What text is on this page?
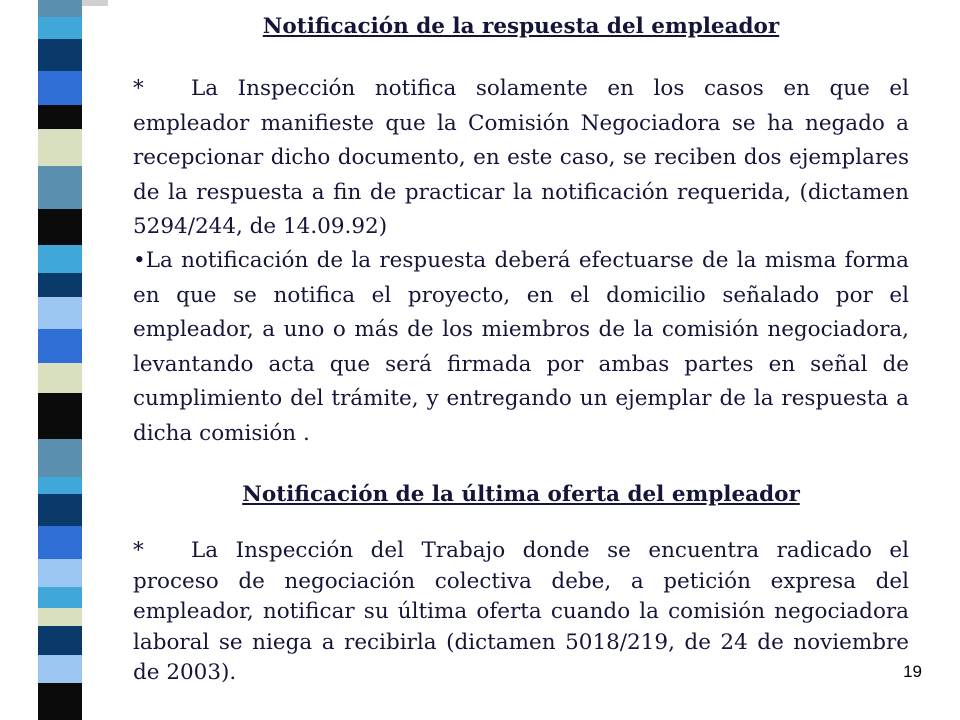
Notificación de la respuesta del empleador
* La Inspección notifica solamente en los casos en que el empleador manifieste que la Comisión Negociadora se ha negado a recepcionar dicho documento, en este caso, se reciben dos ejemplares de la respuesta a fin de practicar la notificación requerida, (dictamen 5294/244, de 14.09.92)
•La notificación de la respuesta deberá efectuarse de la misma forma en que se notifica el proyecto, en el domicilio señalado por el empleador, a uno o más de los miembros de la comisión negociadora, levantando acta que será firmada por ambas partes en señal de cumplimiento del trámite, y entregando un ejemplar de la respuesta a dicha comisión .
Notificación de la última oferta del empleador
* La Inspección del Trabajo donde se encuentra radicado el proceso de negociación colectiva debe, a petición expresa del empleador, notificar su última oferta cuando la comisión negociadora laboral se niega a recibirla (dictamen 5018/219, de 24 de noviembre de 2003).	19
